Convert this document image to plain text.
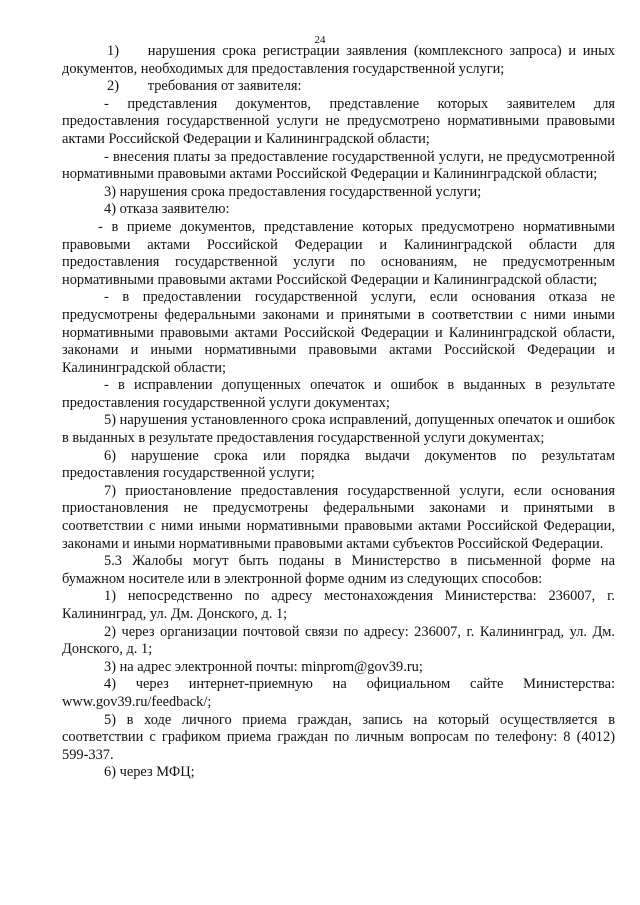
24

1)  нарушения срока регистрации заявления (комплексного запроса) и иных документов, необходимых для предоставления государственной услуги;

2)  требования от заявителя:

- представления документов, представление которых заявителем для предоставления государственной услуги не предусмотрено нормативными правовыми актами Российской Федерации и Калининградской области;

- внесения платы за предоставление государственной услуги, не предусмотренной нормативными правовыми актами Российской Федерации и Калининградской области;

3) нарушения срока предоставления государственной услуги;

4) отказа заявителю:

- в приеме документов, представление которых предусмотрено нормативными правовыми актами Российской Федерации и Калининградской области для предоставления государственной услуги по основаниям, не предусмотренным нормативными правовыми актами Российской Федерации и Калининградской области;

- в предоставлении государственной услуги, если основания отказа не предусмотрены федеральными законами и принятыми в соответствии с ними иными нормативными правовыми актами Российской Федерации и Калининградской области, законами и иными нормативными правовыми актами Российской Федерации и Калининградской области;

- в исправлении допущенных опечаток и ошибок в выданных в результате предоставления государственной услуги документах;

5) нарушения установленного срока исправлений, допущенных опечаток и ошибок в выданных в результате предоставления государственной услуги документах;

6) нарушение срока или порядка выдачи документов по результатам предоставления государственной услуги;

7) приостановление предоставления государственной услуги, если основания приостановления не предусмотрены федеральными законами и принятыми в соответствии с ними иными нормативными правовыми актами Российской Федерации, законами и иными нормативными правовыми актами субъектов Российской Федерации.

5.3 Жалобы могут быть поданы в Министерство в письменной форме на бумажном носителе или в электронной форме одним из следующих способов:

1) непосредственно по адресу местонахождения Министерства: 236007, г. Калининград, ул. Дм. Донского, д. 1;

2) через организации почтовой связи по адресу: 236007, г. Калининград, ул. Дм. Донского, д. 1;

3) на адрес электронной почты: minprom@gov39.ru;

4) через интернет-приемную на официальном сайте Министерства: www.gov39.ru/feedback/;

5) в ходе личного приема граждан, запись на который осуществляется в соответствии с графиком приема граждан по личным вопросам по телефону: 8 (4012) 599-337.

6) через МФЦ;
